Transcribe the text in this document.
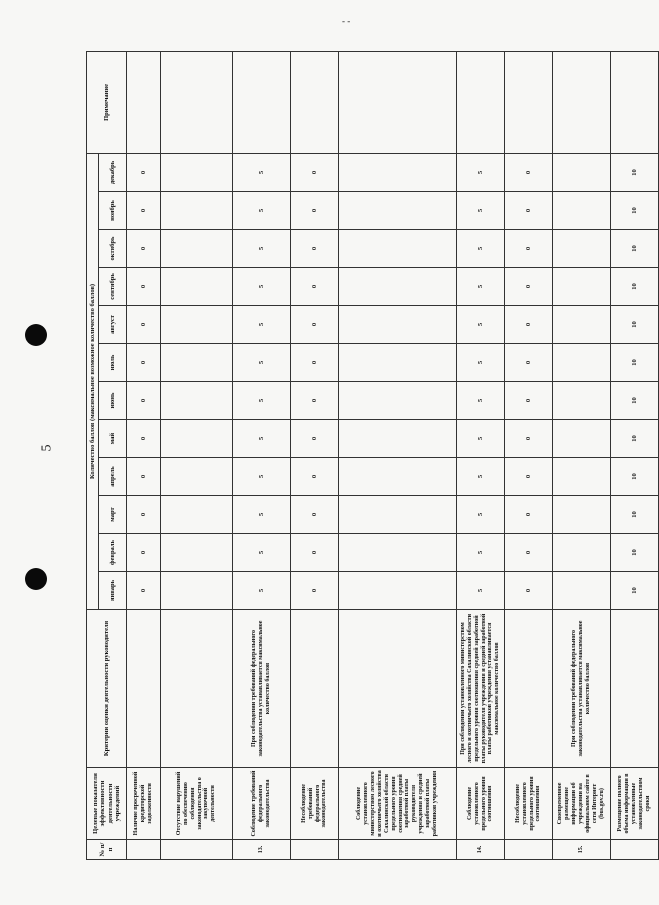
- -
5
№ п/п	Целевые показатели эффективности деятельности учреждений	Критерии оценки деятельности руководителя	Количество баллов (максимальное возможное количество баллов)												Примечание
			январь	февраль	март	апрель	май	июнь	июль	август	сентябрь	октябрь	ноябрь	декабрь	
	Наличие просроченной кредиторской задолженности		0	0	0	0	0	0	0	0	0	0	0	0	
	Отсутствие нарушений по обеспечению соблюдения законодательства о закупочной деятельности														
13.	Соблюдение требований федерального законодательства	При соблюдении требований федерального законодательства устанавливается максимальное количество баллов	5	5	5	5	5	5	5	5	5	5	5	5	
	Несоблюдение требований федерального законодательства		0	0	0	0	0	0	0	0	0	0	0	0	
	Соблюдение установленного министерством лесного и охотничьего хозяйства Сахалинской области предельного уровня соотношения средней заработной платы руководителя учреждения и средней заработной платы работников учреждения														
14.	Соблюдение установленного предельного уровня соотношения	При соблюдении установленного министерством лесного и охотничьего хозяйства Сахалинской области предельного уровня соотношения средней заработной платы руководителя учреждения и средней заработной платы работников учреждения устанавливается максимальное количество баллов	5	5	5	5	5	5	5	5	5	5	5	5	
	Несоблюдение установленного предельного уровня соотношения		0	0	0	0	0	0	0	0	0	0	0	0	
15.	Своевременное размещение информации об учреждении на официальном сайте в сети Интернет (bus.gov.ru)	При соблюдении требований федерального законодательства устанавливается максимальное количество баллов													
	Размещение полного объема информации в установленные законодательством сроки		10	10	10	10	10	10	10	10	10	10	10	10	
